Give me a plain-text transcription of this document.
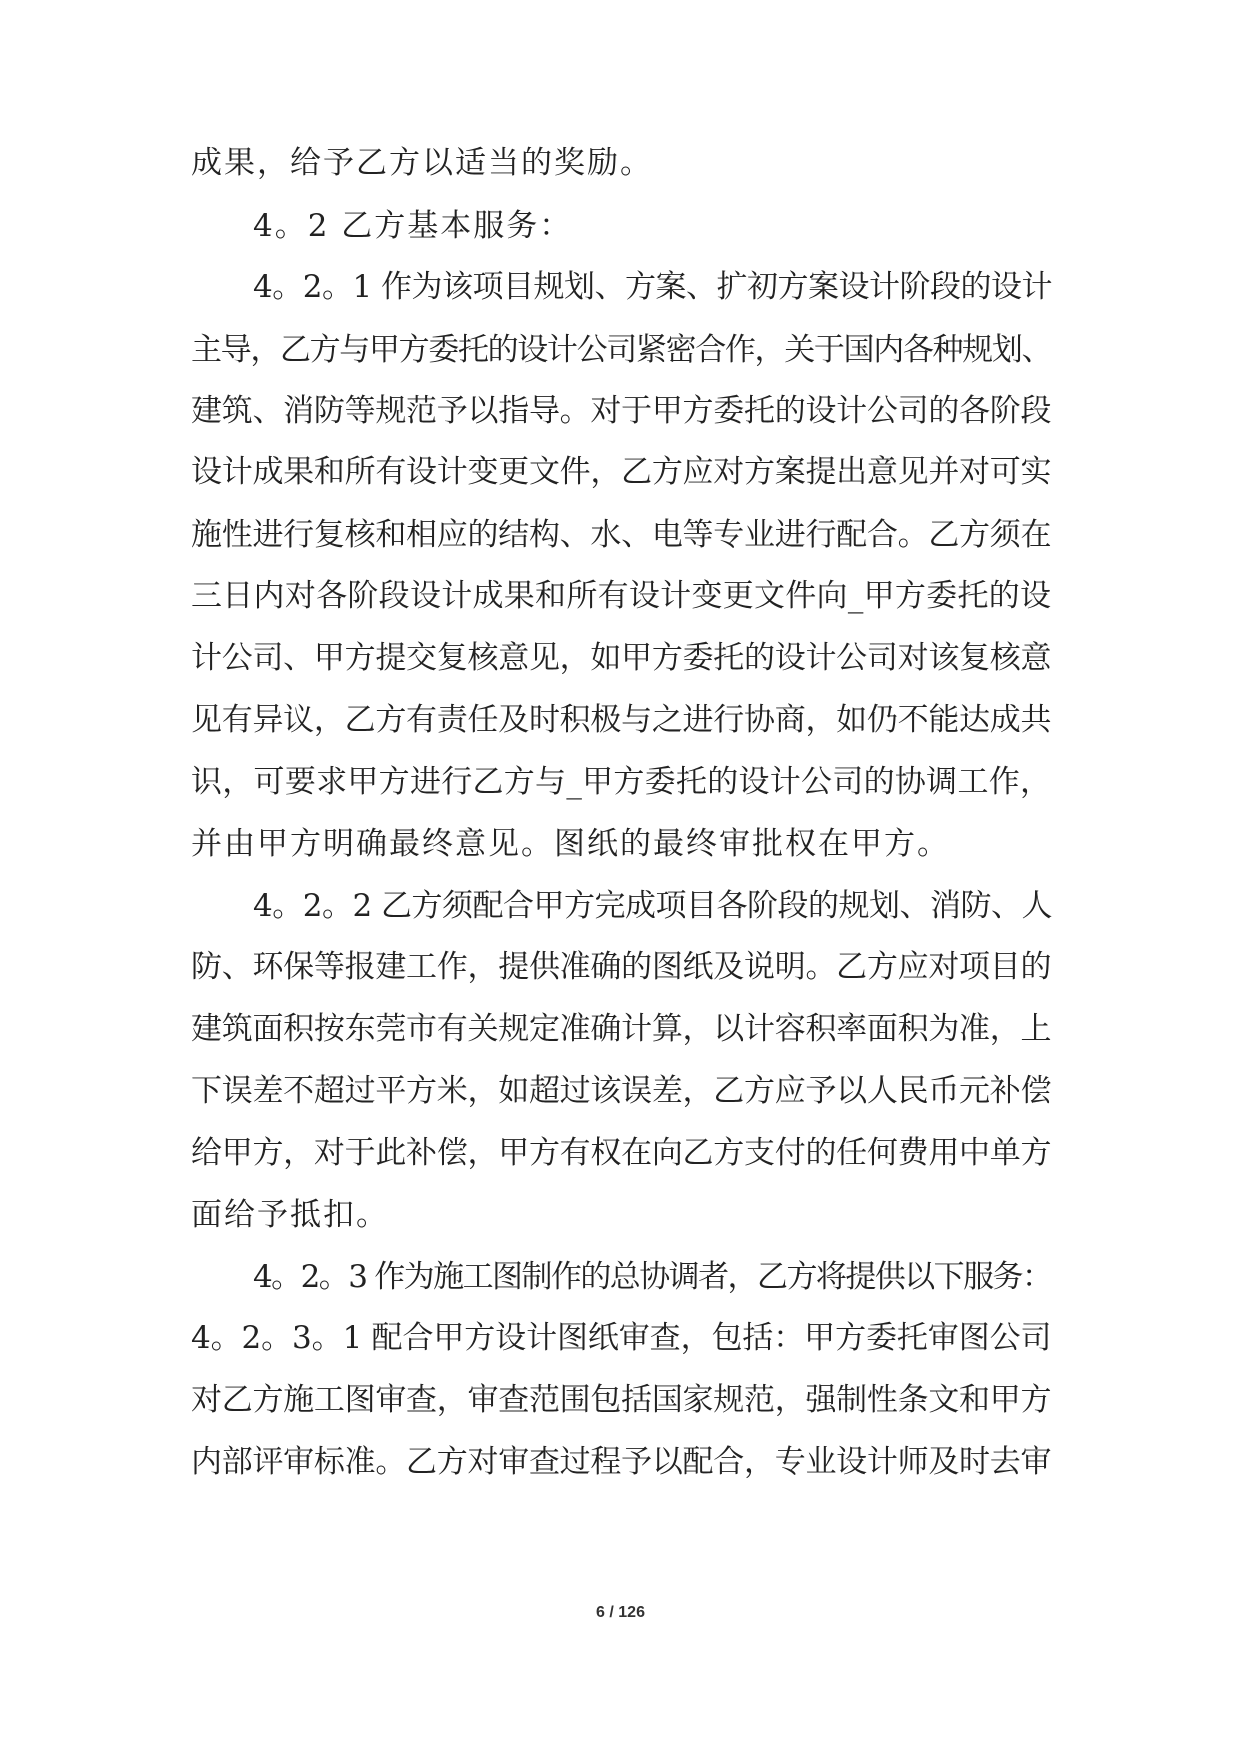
成果，给予乙方以适当的奖励。
4。2 乙方基本服务：
4。2。1 作为该项目规划、方案、扩初方案设计阶段的设计
主导，乙方与甲方委托的设计公司紧密合作，关于国内各种规划、
建筑、消防等规范予以指导。对于甲方委托的设计公司的各阶段
设计成果和所有设计变更文件，乙方应对方案提出意见并对可实
施性进行复核和相应的结构、水、电等专业进行配合。乙方须在
三日内对各阶段设计成果和所有设计变更文件向_甲方委托的设
计公司、甲方提交复核意见，如甲方委托的设计公司对该复核意
见有异议，乙方有责任及时积极与之进行协商，如仍不能达成共
识，可要求甲方进行乙方与_甲方委托的设计公司的协调工作，
并由甲方明确最终意见。图纸的最终审批权在甲方。
4。2。2 乙方须配合甲方完成项目各阶段的规划、消防、人
防、环保等报建工作，提供准确的图纸及说明。乙方应对项目的
建筑面积按东莞市有关规定准确计算，以计容积率面积为准，上
下误差不超过平方米，如超过该误差，乙方应予以人民币元补偿
给甲方，对于此补偿，甲方有权在向乙方支付的任何费用中单方
面给予抵扣。
4。2。3 作为施工图制作的总协调者，乙方将提供以下服务：
4。2。3。1 配合甲方设计图纸审查，包括：甲方委托审图公司
对乙方施工图审查，审查范围包括国家规范，强制性条文和甲方
内部评审标准。乙方对审查过程予以配合，专业设计师及时去审
6 / 126
